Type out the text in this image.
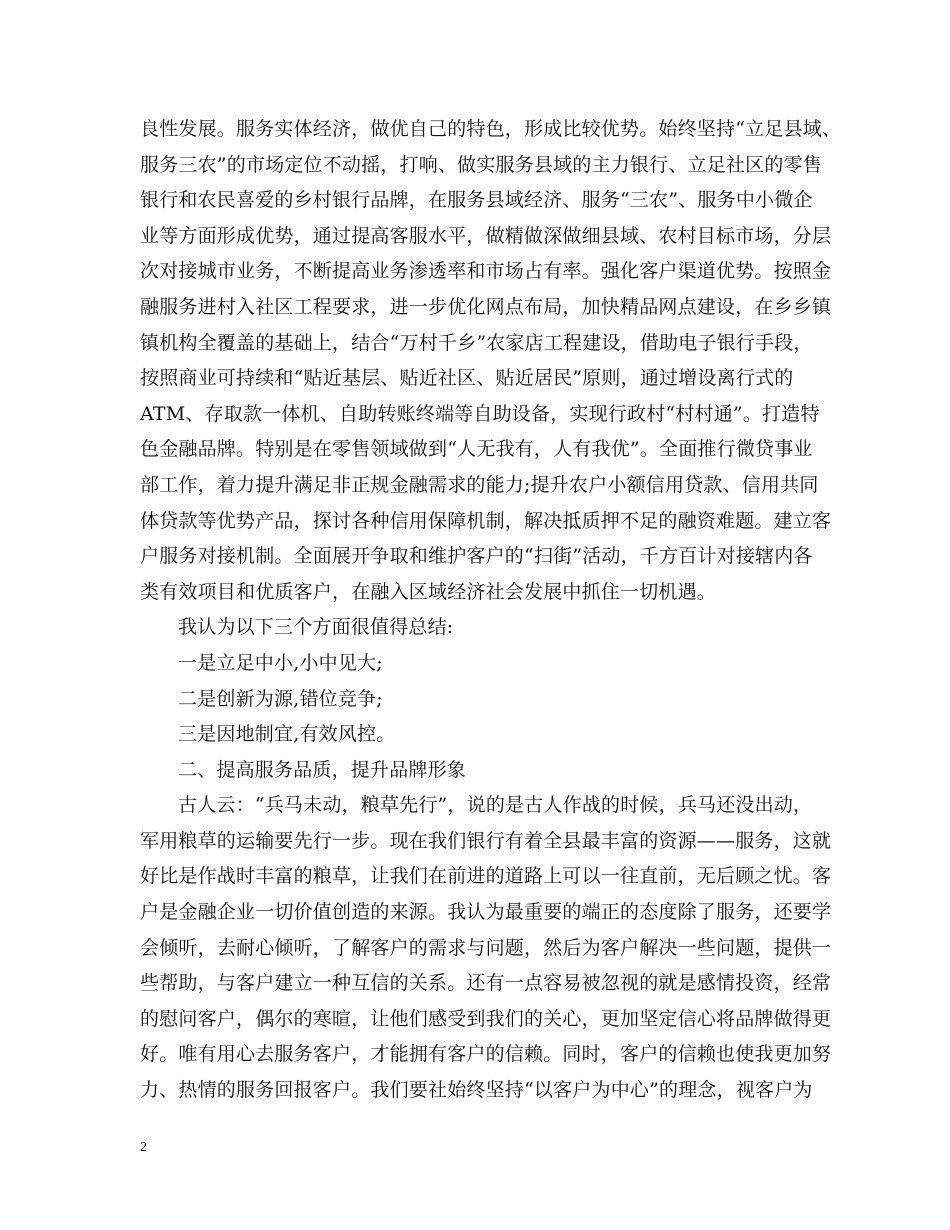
良性发展。服务实体经济，做优自己的特色，形成比较优势。始终坚持“立足县域、
服务三农”的市场定位不动摇，打响、做实服务县域的主力银行、立足社区的零售
银行和农民喜爱的乡村银行品牌，在服务县域经济、服务“三农”、服务中小微企
业等方面形成优势，通过提高客服水平，做精做深做细县域、农村目标市场，分层
次对接城市业务，不断提高业务渗透率和市场占有率。强化客户渠道优势。按照金
融服务进村入社区工程要求，进一步优化网点布局，加快精品网点建设，在乡乡镇
镇机构全覆盖的基础上，结合“万村千乡”农家店工程建设，借助电子银行手段，
按照商业可持续和“贴近基层、贴近社区、贴近居民”原则，通过增设离行式的
ATM、存取款一体机、自助转账终端等自助设备，实现行政村“村村通”。打造特
色金融品牌。特别是在零售领域做到“人无我有，人有我优”。全面推行微贷事业
部工作，着力提升满足非正规金融需求的能力;提升农户小额信用贷款、信用共同
体贷款等优势产品，探讨各种信用保障机制，解决抵质押不足的融资难题。建立客
户服务对接机制。全面展开争取和维护客户的“扫街”活动，千方百计对接辖内各
类有效项目和优质客户，在融入区域经济社会发展中抓住一切机遇。
我认为以下三个方面很值得总结:
一是立足中小,小中见大;
二是创新为源,错位竞争;
三是因地制宜,有效风控。
二、提高服务品质，提升品牌形象
古人云：“兵马未动，粮草先行”，说的是古人作战的时候，兵马还没出动，
军用粮草的运输要先行一步。现在我们银行有着全县最丰富的资源——服务，这就
好比是作战时丰富的粮草，让我们在前进的道路上可以一往直前，无后顾之忧。客
户是金融企业一切价值创造的来源。我认为最重要的端正的态度除了服务，还要学
会倾听，去耐心倾听，了解客户的需求与问题，然后为客户解决一些问题，提供一
些帮助，与客户建立一种互信的关系。还有一点容易被忽视的就是感情投资，经常
的慰问客户，偶尔的寒暄，让他们感受到我们的关心，更加坚定信心将品牌做得更
好。唯有用心去服务客户，才能拥有客户的信赖。同时，客户的信赖也使我更加努
力、热情的服务回报客户。我们要社始终坚持“以客户为中心”的理念，视客户为
2
